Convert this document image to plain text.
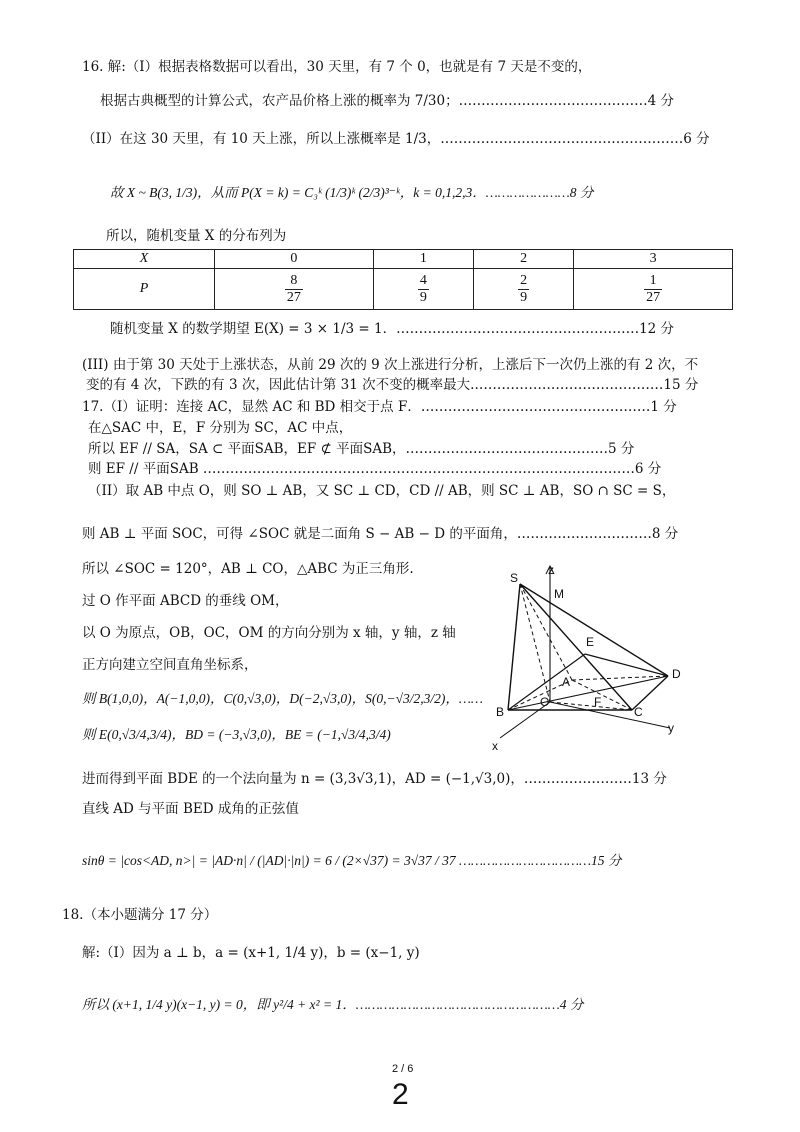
16. 解:（I）根据表格数据可以看出，30 天里，有 7 个 0，也就是有 7 天是不变的，
根据古典概型的计算公式，农产品价格上涨的概率为 7/30；……………………………………4 分
（II）在这 30 天里，有 10 天上涨，所以上涨概率是 1/3，………………………………………………6 分
故 X ~ B(3, 1/3)，从而 P(X = k) = C₃ᵏ (1/3)ᵏ (2/3)³⁻ᵏ，k = 0,1,2,3．…………………8 分
所以，随机变量 X 的分布列为
X	0	1	2	3
P	$\frac{8}{27}$	$\frac{4}{9}$	$\frac{2}{9}$	$\frac{1}{27}$
随机变量 X 的数学期望 E(X) = 3 × 1/3 = 1．………………………………………………12 分
(III) 由于第 30 天处于上涨状态，从前 29 次的 9 次上涨进行分析，上涨后下一次仍上涨的有 2 次，不
变的有 4 次，下跌的有 3 次，因此估计第 31 次不变的概率最大.……………………………………15 分
17.（I）证明：连接 AC，显然 AC 和 BD 相交于点 F．……………………………………………1 分
在△SAC 中，E，F 分别为 SC，AC 中点，
所以 EF // SA，SA ⊂ 平面SAB，EF ⊄ 平面SAB，………………………………………5 分
则 EF // 平面SAB ……………………………………………………………………………………6 分
（II）取 AB 中点 O，则 SO ⊥ AB，又 SC ⊥ CD，CD // AB，则 SC ⊥ AB，SO ∩ SC = S，
则 AB ⊥ 平面 SOC，可得 ∠SOC 就是二面角 S − AB − D 的平面角，…………………………8 分
所以 ∠SOC = 120°，AB ⊥ CO，△ABC 为正三角形.
过 O 作平面 ABCD 的垂线 OM，
以 O 为原点，OB，OC，OM 的方向分别为 x 轴，y 轴，z 轴
正方向建立空间直角坐标系，
则 B(1,0,0)，A(−1,0,0)，C(0,√3,0)，D(−2,√3,0)，S(0,−√3/2,3/2)，……
则 E(0,√3/4,3/4)，BD = (−3,√3,0)，BE = (−1,√3/4,3/4)
进而得到平面 BDE 的一个法向量为 n = (3,3√3,1)，AD = (−1,√3,0)，……………………13 分
直线 AD 与平面 BED 成角的正弦值
sinθ = |cos<AD, n>| = |AD·n| / (|AD|·|n|) = 6 / (2×√37) = 3√37 / 37 ……………………………15 分
18.（本小题满分 17 分）
解:（I）因为 a ⊥ b，a = (x+1, 1/4 y)，b = (x−1, y)
所以 (x+1, 1/4 y)(x−1, y) = 0，即 y²/4 + x² = 1．……………………………………………4 分
S
z
M
E
D
A
O	F
B	C
y
x
2 / 6
2
